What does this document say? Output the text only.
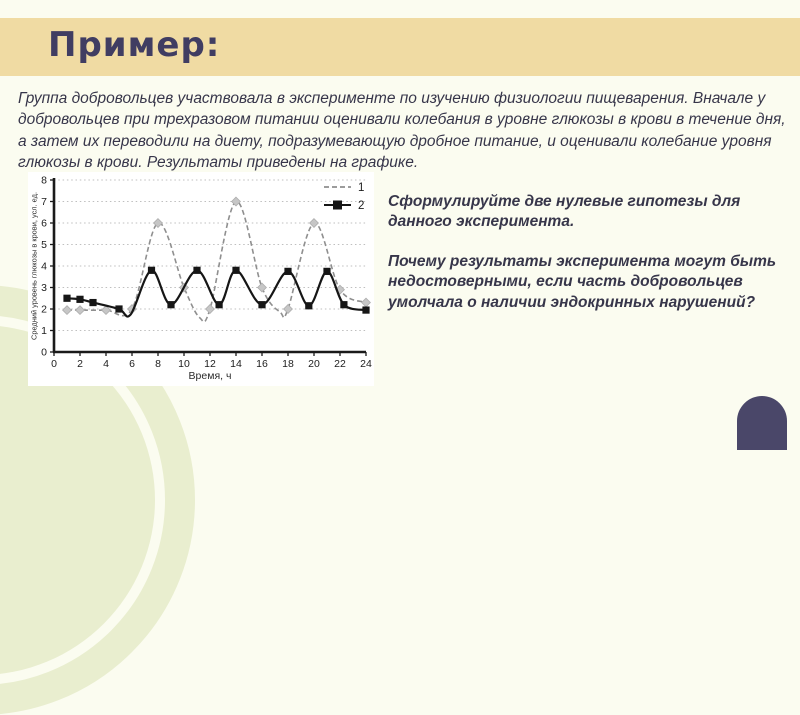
Пример:
Группа добровольцев участвовала в эксперименте по изучению физиологии пищеварения. Вначале у добровольцев при трехразовом питании оценивали колебания в уровне глюкозы в крови в течение дня, а затем их переводили на диету, подразумевающую дробное питание, и оценивали колебание уровня глюкозы в крови. Результаты приведены на графике.
0
1
2
3
4
5
6
7
8
0 2 4 6 8 10 12 14 16 18 20 22 24
Средний уровень глюкозы в крови, усл. ед.
Время, ч
1
2 Сформулируйте две нулевые гипотезы для данного эксперимента.
Почему результаты эксперимента могут быть недостоверными, если часть добровольцев умолчала о наличии эндокринных нарушений?
